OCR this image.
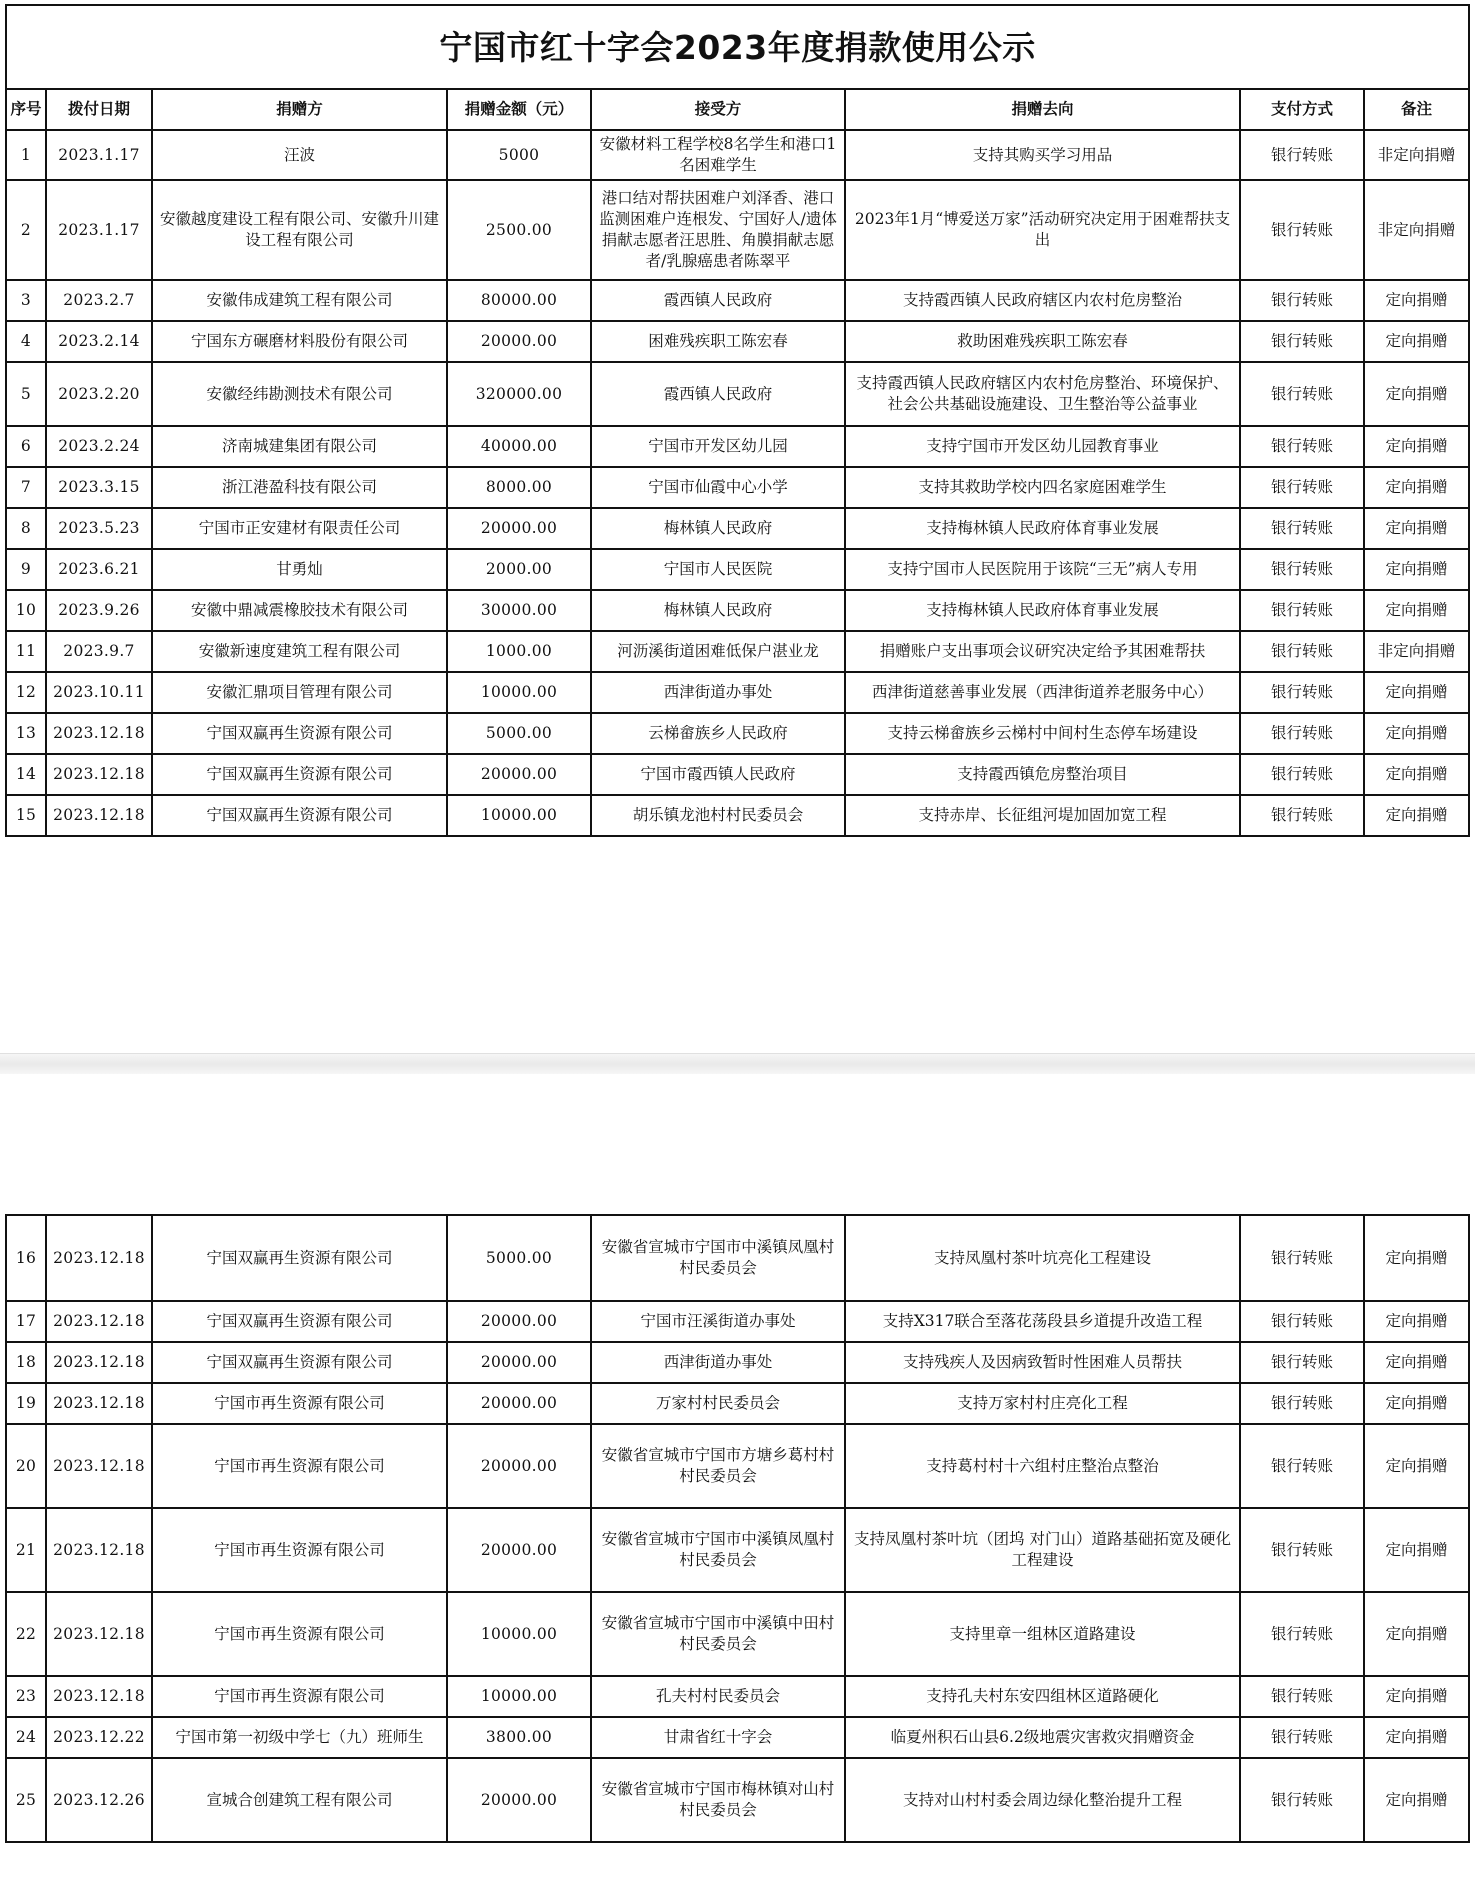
宁国市红十字会2023年度捐款使用公示							
序号	拨付日期	捐赠方	捐赠金额（元）	接受方	捐赠去向	支付方式	备注
1	2023.1.17	汪波	5000	安徽材料工程学校8名学生和港口1名困难学生	支持其购买学习用品	银行转账	非定向捐赠
2	2023.1.17	安徽越度建设工程有限公司、安徽升川建设工程有限公司	2500.00	港口结对帮扶困难户刘泽香、港口监测困难户连根发、宁国好人/遗体捐献志愿者汪思胜、角膜捐献志愿者/乳腺癌患者陈翠平	2023年1月“博爱送万家”活动研究决定用于困难帮扶支出	银行转账	非定向捐赠
3	2023.2.7	安徽伟成建筑工程有限公司	80000.00	霞西镇人民政府	支持霞西镇人民政府辖区内农村危房整治	银行转账	定向捐赠
4	2023.2.14	宁国东方碾磨材料股份有限公司	20000.00	困难残疾职工陈宏春	救助困难残疾职工陈宏春	银行转账	定向捐赠
5	2023.2.20	安徽经纬勘测技术有限公司	320000.00	霞西镇人民政府	支持霞西镇人民政府辖区内农村危房整治、环境保护、社会公共基础设施建设、卫生整治等公益事业	银行转账	定向捐赠
6	2023.2.24	济南城建集团有限公司	40000.00	宁国市开发区幼儿园	支持宁国市开发区幼儿园教育事业	银行转账	定向捐赠
7	2023.3.15	浙江港盈科技有限公司	8000.00	宁国市仙霞中心小学	支持其救助学校内四名家庭困难学生	银行转账	定向捐赠
8	2023.5.23	宁国市正安建材有限责任公司	20000.00	梅林镇人民政府	支持梅林镇人民政府体育事业发展	银行转账	定向捐赠
9	2023.6.21	甘勇灿	2000.00	宁国市人民医院	支持宁国市人民医院用于该院“三无”病人专用	银行转账	定向捐赠
10	2023.9.26	安徽中鼎减震橡胶技术有限公司	30000.00	梅林镇人民政府	支持梅林镇人民政府体育事业发展	银行转账	定向捐赠
11	2023.9.7	安徽新速度建筑工程有限公司	1000.00	河沥溪街道困难低保户湛业龙	捐赠账户支出事项会议研究决定给予其困难帮扶	银行转账	非定向捐赠
12	2023.10.11	安徽汇鼎项目管理有限公司	10000.00	西津街道办事处	西津街道慈善事业发展（西津街道养老服务中心）	银行转账	定向捐赠
13	2023.12.18	宁国双赢再生资源有限公司	5000.00	云梯畲族乡人民政府	支持云梯畲族乡云梯村中间村生态停车场建设	银行转账	定向捐赠
14	2023.12.18	宁国双赢再生资源有限公司	20000.00	宁国市霞西镇人民政府	支持霞西镇危房整治项目	银行转账	定向捐赠
15	2023.12.18	宁国双赢再生资源有限公司	10000.00	胡乐镇龙池村村民委员会	支持赤岸、长征组河堤加固加宽工程	银行转账	定向捐赠
16	2023.12.18	宁国双赢再生资源有限公司	5000.00	安徽省宣城市宁国市中溪镇凤凰村村民委员会	支持凤凰村茶叶坑亮化工程建设	银行转账	定向捐赠
17	2023.12.18	宁国双赢再生资源有限公司	20000.00	宁国市汪溪街道办事处	支持X317联合至落花荡段县乡道提升改造工程	银行转账	定向捐赠
18	2023.12.18	宁国双赢再生资源有限公司	20000.00	西津街道办事处	支持残疾人及因病致暂时性困难人员帮扶	银行转账	定向捐赠
19	2023.12.18	宁国市再生资源有限公司	20000.00	万家村村民委员会	支持万家村村庄亮化工程	银行转账	定向捐赠
20	2023.12.18	宁国市再生资源有限公司	20000.00	安徽省宣城市宁国市方塘乡葛村村村民委员会	支持葛村村十六组村庄整治点整治	银行转账	定向捐赠
21	2023.12.18	宁国市再生资源有限公司	20000.00	安徽省宣城市宁国市中溪镇凤凰村村民委员会	支持凤凰村茶叶坑（团坞 对门山）道路基础拓宽及硬化工程建设	银行转账	定向捐赠
22	2023.12.18	宁国市再生资源有限公司	10000.00	安徽省宣城市宁国市中溪镇中田村村民委员会	支持里章一组林区道路建设	银行转账	定向捐赠
23	2023.12.18	宁国市再生资源有限公司	10000.00	孔夫村村民委员会	支持孔夫村东安四组林区道路硬化	银行转账	定向捐赠
24	2023.12.22	宁国市第一初级中学七（九）班师生	3800.00	甘肃省红十字会	临夏州积石山县6.2级地震灾害救灾捐赠资金	银行转账	定向捐赠
25	2023.12.26	宣城合创建筑工程有限公司	20000.00	安徽省宣城市宁国市梅林镇对山村村民委员会	支持对山村村委会周边绿化整治提升工程	银行转账	定向捐赠
